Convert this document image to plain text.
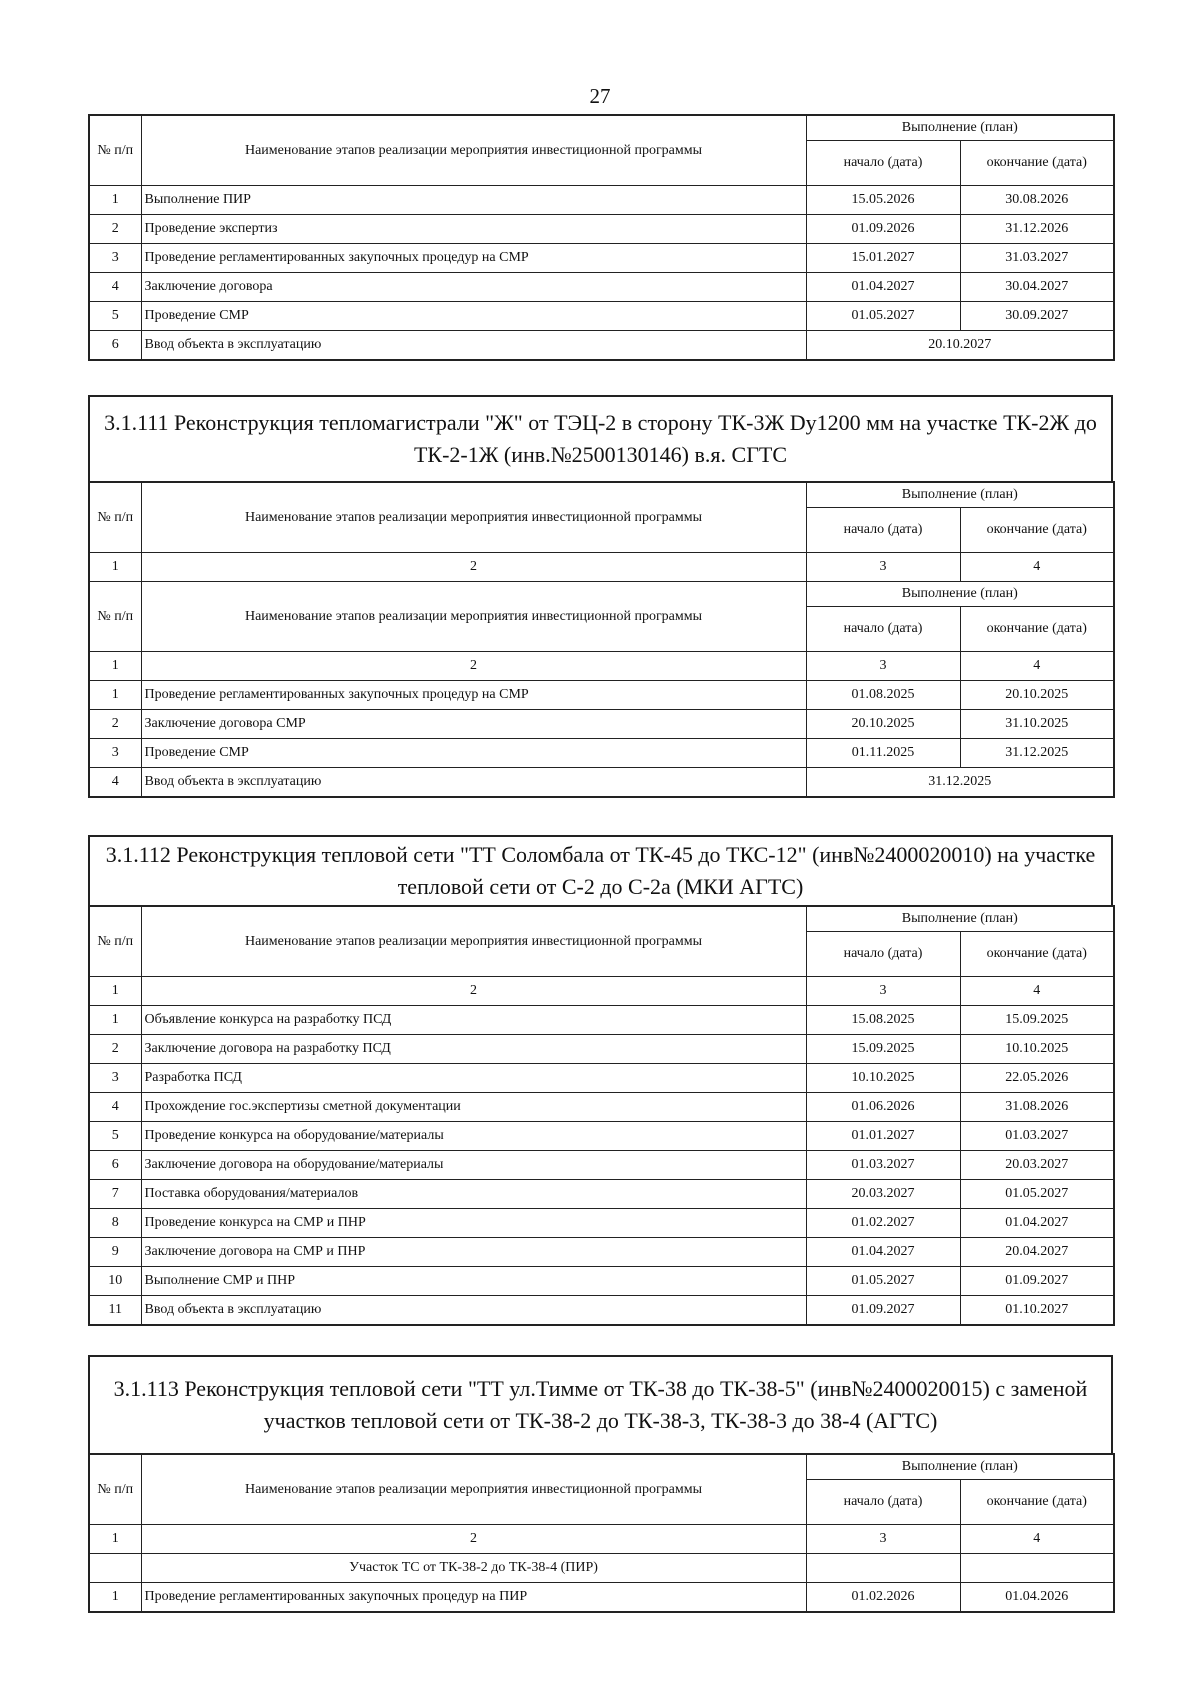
27
№ п/п	Наименование этапов реализации мероприятия инвестиционной программы	Выполнение (план)	
		начало (дата)	окончание (дата)
1	Выполнение ПИР	15.05.2026	30.08.2026
2	Проведение экспертиз	01.09.2026	31.12.2026
3	Проведение регламентированных закупочных процедур на СМР	15.01.2027	31.03.2027
4	Заключение договора	01.04.2027	30.04.2027
5	Проведение СМР	01.05.2027	30.09.2027
6	Ввод объекта в эксплуатацию	20.10.2027	
3.1.111 Реконструкция тепломагистрали "Ж" от ТЭЦ-2 в сторону ТК-3Ж Dу1200 мм на участке ТК-2Ж до ТК-2-1Ж (инв.№2500130146) в.я. СГТС
№ п/п	Наименование этапов реализации мероприятия инвестиционной программы	Выполнение (план)	
		начало (дата)	окончание (дата)
1	2	3	4
№ п/п	Наименование этапов реализации мероприятия инвестиционной программы	Выполнение (план)	
		начало (дата)	окончание (дата)
1	2	3	4
1	Проведение регламентированных закупочных процедур на СМР	01.08.2025	20.10.2025
2	Заключение договора СМР	20.10.2025	31.10.2025
3	Проведение СМР	01.11.2025	31.12.2025
4	Ввод объекта в эксплуатацию	31.12.2025	
3.1.112 Реконструкция тепловой сети "ТТ Соломбала от ТК-45 до ТКС-12" (инв№2400020010) на участке тепловой сети от С-2 до С-2а (МКИ АГТС)
№ п/п	Наименование этапов реализации мероприятия инвестиционной программы	Выполнение (план)	
		начало (дата)	окончание (дата)
1	2	3	4
1	Объявление конкурса на разработку ПСД	15.08.2025	15.09.2025
2	Заключение договора на разработку ПСД	15.09.2025	10.10.2025
3	Разработка ПСД	10.10.2025	22.05.2026
4	Прохождение гос.экспертизы сметной документации	01.06.2026	31.08.2026
5	Проведение конкурса на оборудование/материалы	01.01.2027	01.03.2027
6	Заключение договора на оборудование/материалы	01.03.2027	20.03.2027
7	Поставка оборудования/материалов	20.03.2027	01.05.2027
8	Проведение конкурса на СМР и ПНР	01.02.2027	01.04.2027
9	Заключение договора на СМР и ПНР	01.04.2027	20.04.2027
10	Выполнение СМР и ПНР	01.05.2027	01.09.2027
11	Ввод объекта в эксплуатацию	01.09.2027	01.10.2027
3.1.113 Реконструкция тепловой сети "ТТ ул.Тимме от ТК-38 до ТК-38-5" (инв№2400020015) с заменой участков тепловой сети от ТК-38-2 до ТК-38-3, ТК-38-3 до 38-4 (АГТС)
№ п/п	Наименование этапов реализации мероприятия инвестиционной программы	Выполнение (план)	
		начало (дата)	окончание (дата)
1	2	3	4
	Участок ТС от ТК-38-2 до ТК-38-4 (ПИР)		
1	Проведение регламентированных закупочных процедур на ПИР	01.02.2026	01.04.2026
